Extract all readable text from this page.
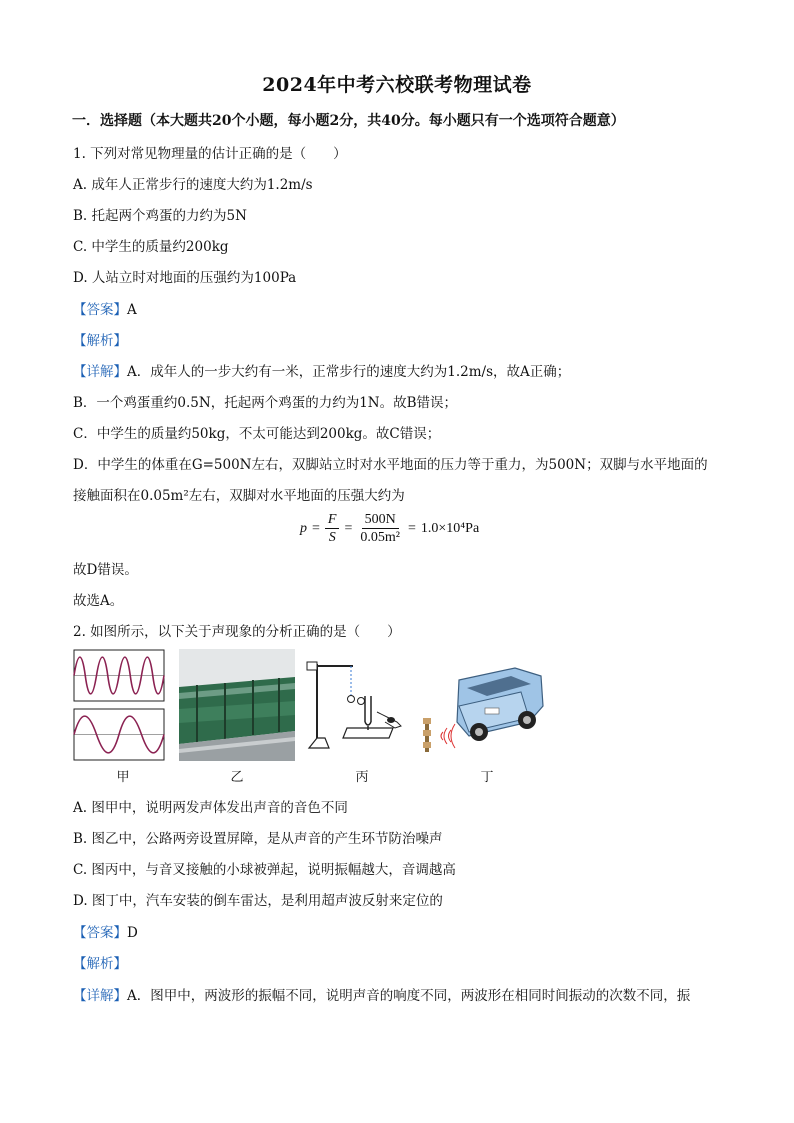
2024年中考六校联考物理试卷
一．选择题（本大题共20个小题，每小题2分，共40分。每小题只有一个选项符合题意）
1. 下列对常见物理量的估计正确的是（　　）
A. 成年人正常步行的速度大约为1.2m/s
B. 托起两个鸡蛋的力约为5N
C. 中学生的质量约200kg
D. 人站立时对地面的压强约为100Pa
【答案】A
【解析】
【详解】A．成年人的一步大约有一米，正常步行的速度大约为1.2m/s，故A正确；
B．一个鸡蛋重约0.5N，托起两个鸡蛋的力约为1N。故B错误；
C．中学生的质量约50kg，不太可能达到200kg。故C错误；
D．中学生的体重在G=500N左右，双脚站立时对水平地面的压力等于重力，为500N；双脚与水平地面的
接触面积在0.05m²左右，双脚对水平地面的压强大约为
$p = \frac{F}{S} = \frac{500N}{\text{0.05m²}} = 1.0\times 10^4Pa$
故D错误。
故选A。
2. 如图所示，以下关于声现象的分析正确的是（　　）
甲	乙	丙	丁
A. 图甲中，说明两发声体发出声音的音色不同
B. 图乙中，公路两旁设置屏障，是从声音的产生环节防治噪声
C. 图丙中，与音叉接触的小球被弹起，说明振幅越大，音调越高
D. 图丁中，汽车安装的倒车雷达，是利用超声波反射来定位的
【答案】D
【解析】
【详解】A．图甲中，两波形的振幅不同，说明声音的响度不同，两波形在相同时间振动的次数不同，振
